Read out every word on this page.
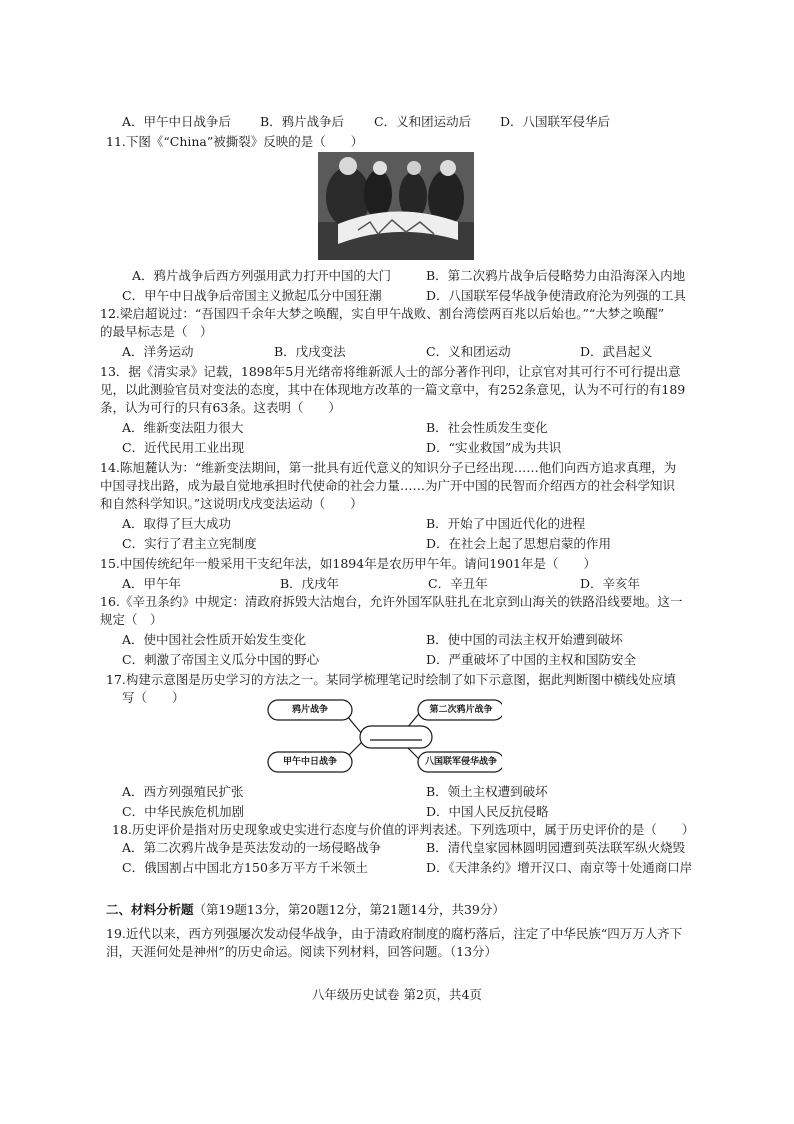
A．甲午中日战争后 B．鸦片战争后 C．义和团运动后 D．八国联军侵华后
11.下图《“China”被撕裂》反映的是（　　）
A．鸦片战争后西方列强用武力打开中国的大门	B．第二次鸦片战争后侵略势力由沿海深入内地
C．甲午中日战争后帝国主义掀起瓜分中国狂潮	D．八国联军侵华战争使清政府沦为列强的工具
12.梁启超说过：“吾国四千余年大梦之唤醒，实自甲午战败、割台湾偿两百兆以后始也。”“大梦之唤醒”
的最早标志是（　）
A．洋务运动	B．戊戌变法	C．义和团运动	D．武昌起义
13．据《清实录》记载，1898年5月光绪帝将维新派人士的部分著作刊印，让京官对其可行不可行提出意
见，以此测验官员对变法的态度，其中在体现地方改革的一篇文章中，有252条意见，认为不可行的有189
条，认为可行的只有63条。这表明（　　）
A．维新变法阻力很大	B．社会性质发生变化
C．近代民用工业出现	D．“实业救国”成为共识
14.陈旭麓认为：“维新变法期间，第一批具有近代意义的知识分子已经出现……他们向西方追求真理，为
中国寻找出路，成为最自觉地承担时代使命的社会力量……为广开中国的民智而介绍西方的社会科学知识
和自然科学知识。”这说明戊戌变法运动（　　）
A．取得了巨大成功	B．开始了中国近代化的进程
C．实行了君主立宪制度	D．在社会上起了思想启蒙的作用
15.中国传统纪年一般采用干支纪年法，如1894年是农历甲午年。请问1901年是（　　）
A．甲午年	B．戊戌年	C．辛丑年	D．辛亥年
16.《辛丑条约》中规定：清政府拆毁大沽炮台，允许外国军队驻扎在北京到山海关的铁路沿线要地。这一
规定（　）
A．使中国社会性质开始发生变化	B．使中国的司法主权开始遭到破坏
C．刺激了帝国主义瓜分中国的野心	D．严重破坏了中国的主权和国防安全
17.构建示意图是历史学习的方法之一。某同学梳理笔记时绘制了如下示意图，据此判断图中横线处应填
写（　　）
鸦片战争	第二次鸦片战争
甲午中日战争	八国联军侵华战争
A．西方列强殖民扩张	B．领土主权遭到破坏
C．中华民族危机加剧	D．中国人民反抗侵略
18.历史评价是指对历史现象或史实进行态度与价值的评判表述。下列选项中，属于历史评价的是（　　）
A．第二次鸦片战争是英法发动的一场侵略战争	B．清代皇家园林圆明园遭到英法联军纵火烧毁
C．俄国割占中国北方150多万平方千米领土	D．《天津条约》增开汉口、南京等十处通商口岸
二、材料分析题（第19题13分，第20题12分，第21题14分，共39分）
19.近代以来，西方列强屡次发动侵华战争，由于清政府制度的腐朽落后，注定了中华民族“四万万人齐下
泪，天涯何处是神州”的历史命运。阅读下列材料，回答问题。（13分）
八年级历史试卷 第2页，共4页
